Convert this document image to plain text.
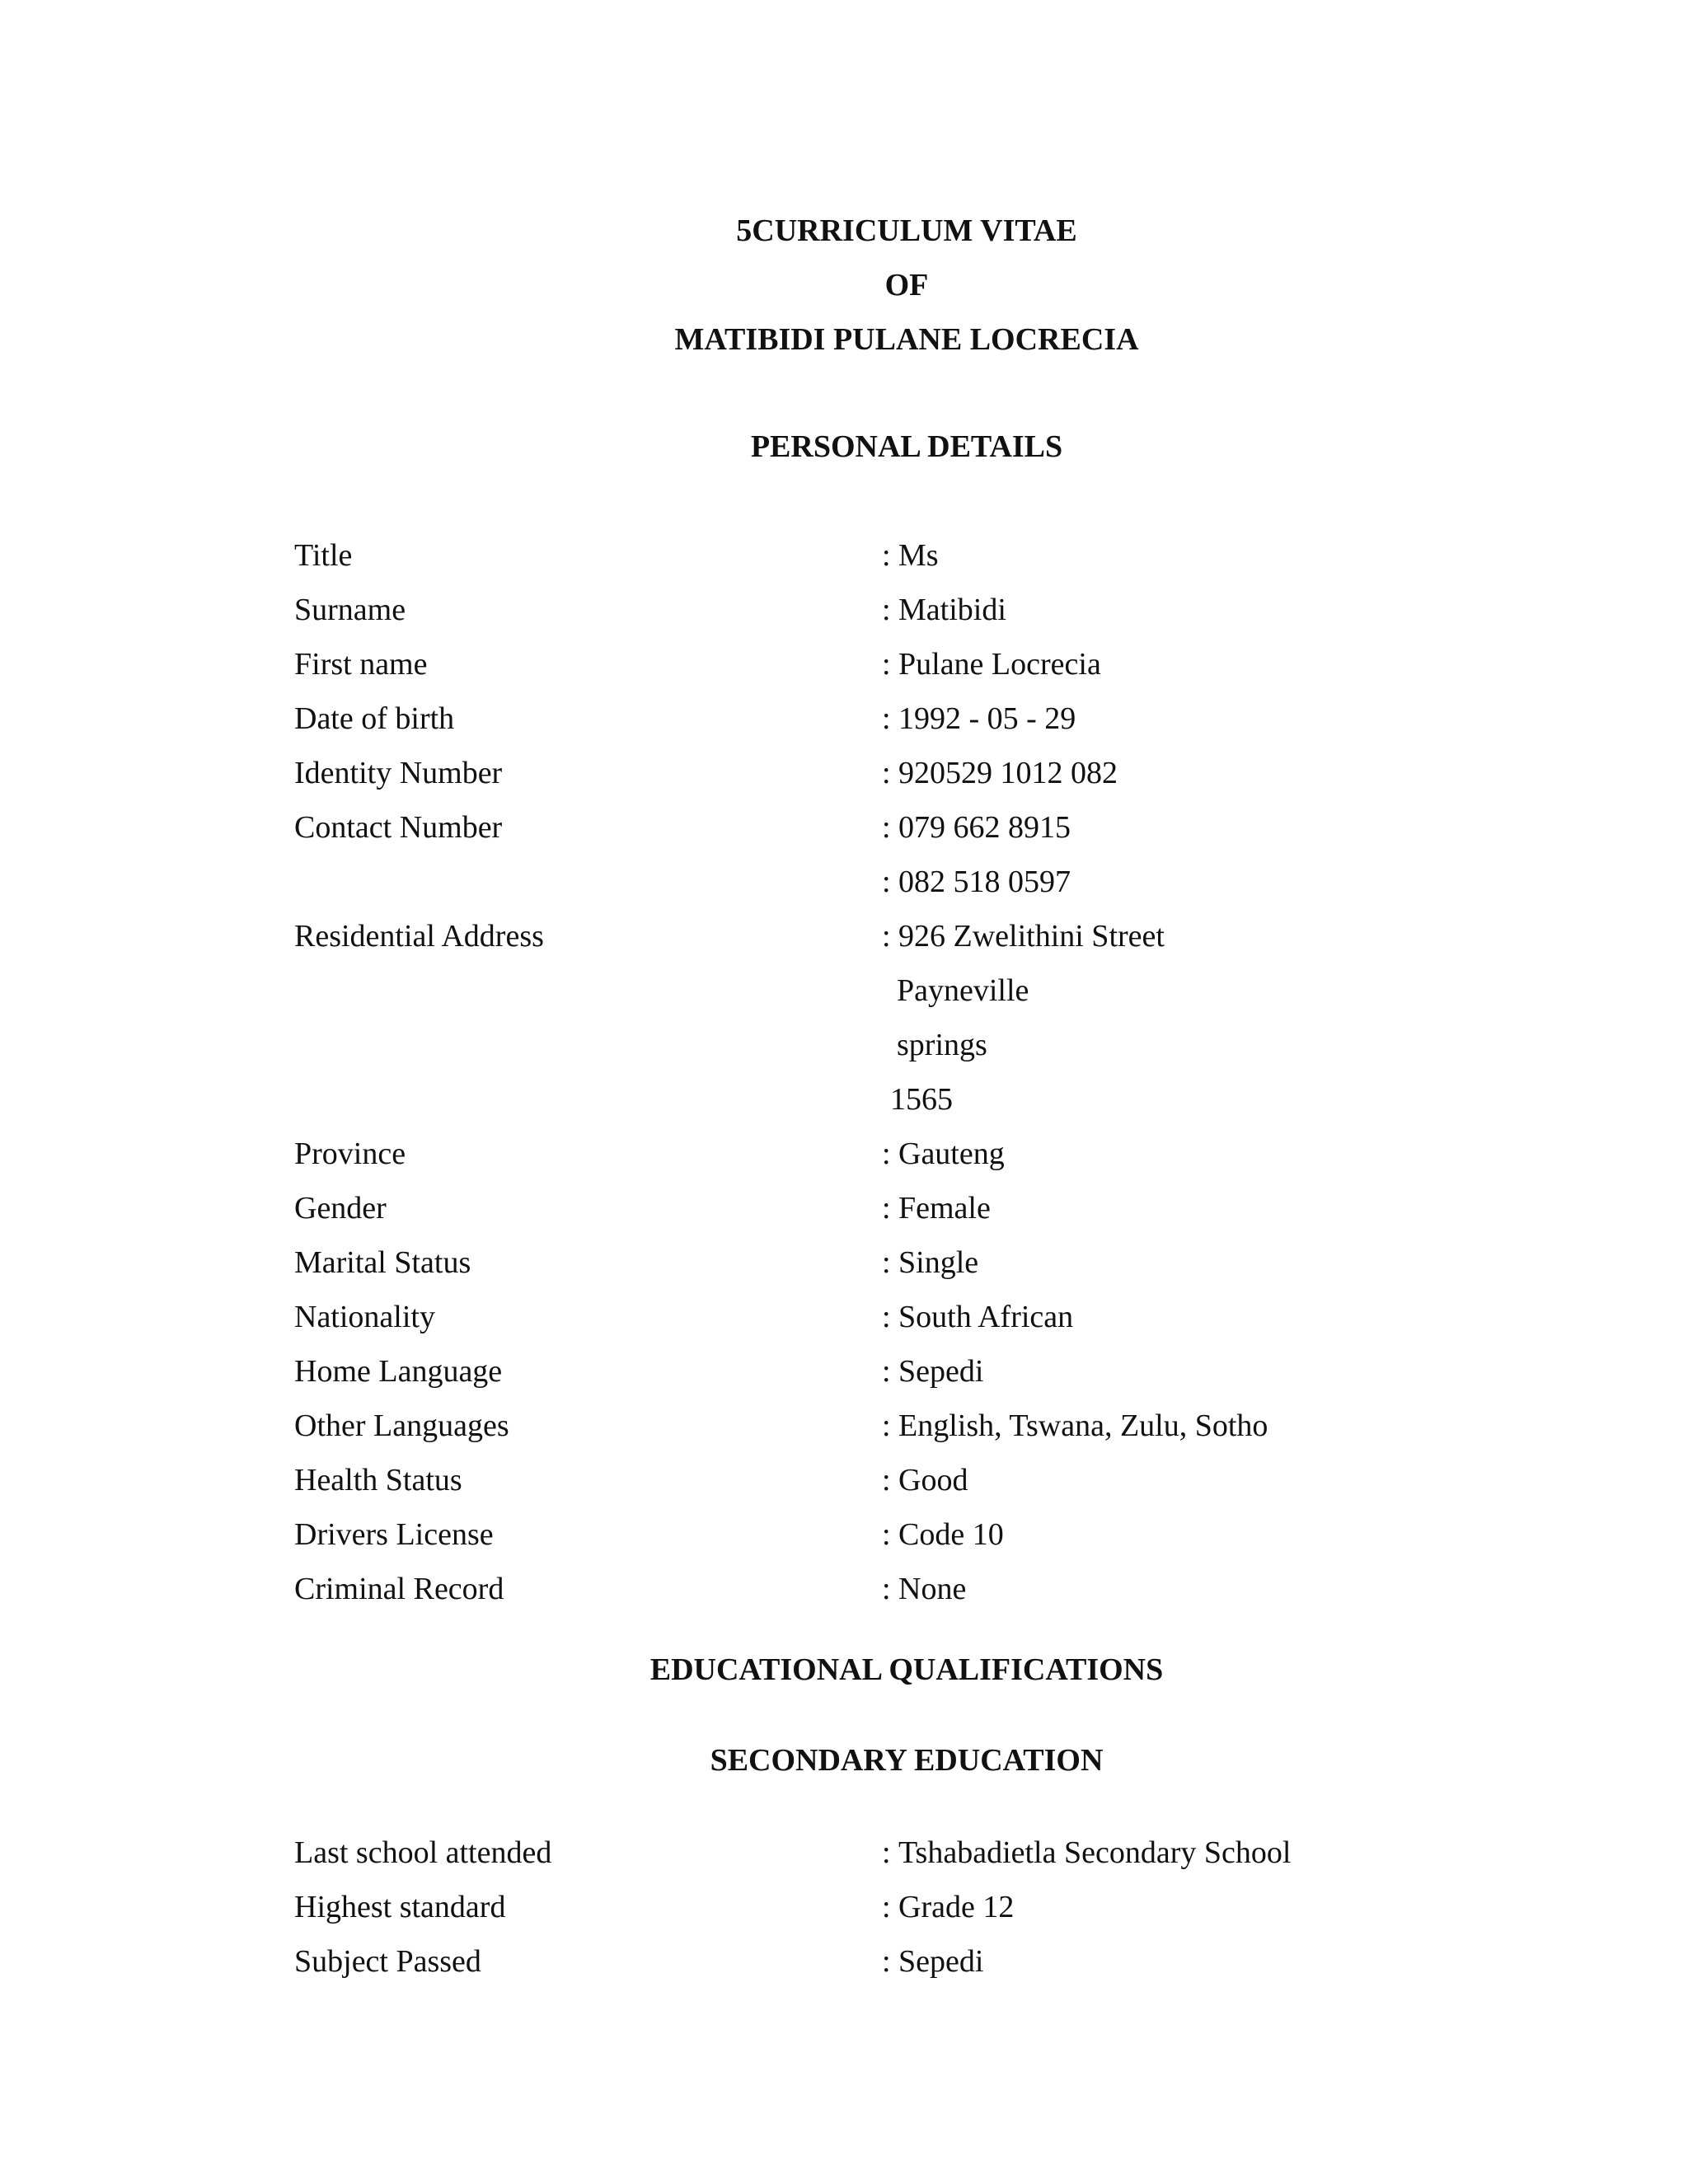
5CURRICULUM VITAE
OF
MATIBIDI PULANE LOCRECIA
PERSONAL DETAILS
Title	: Ms
Surname	: Matibidi
First name	: Pulane Locrecia
Date of birth	: 1992 - 05 - 29
Identity Number	: 920529 1012 082
Contact Number	: 079 662 8915
: 082 518 0597
Residential Address	: 926 Zwelithini Street
Payneville
springs
1565
Province	: Gauteng
Gender	: Female
Marital Status	: Single
Nationality	: South African
Home Language	: Sepedi
Other Languages	: English, Tswana, Zulu, Sotho
Health Status	: Good
Drivers License	: Code 10
Criminal Record	: None
EDUCATIONAL QUALIFICATIONS
SECONDARY EDUCATION
Last school attended	: Tshabadietla Secondary School
Highest standard	: Grade 12
Subject Passed	: Sepedi
